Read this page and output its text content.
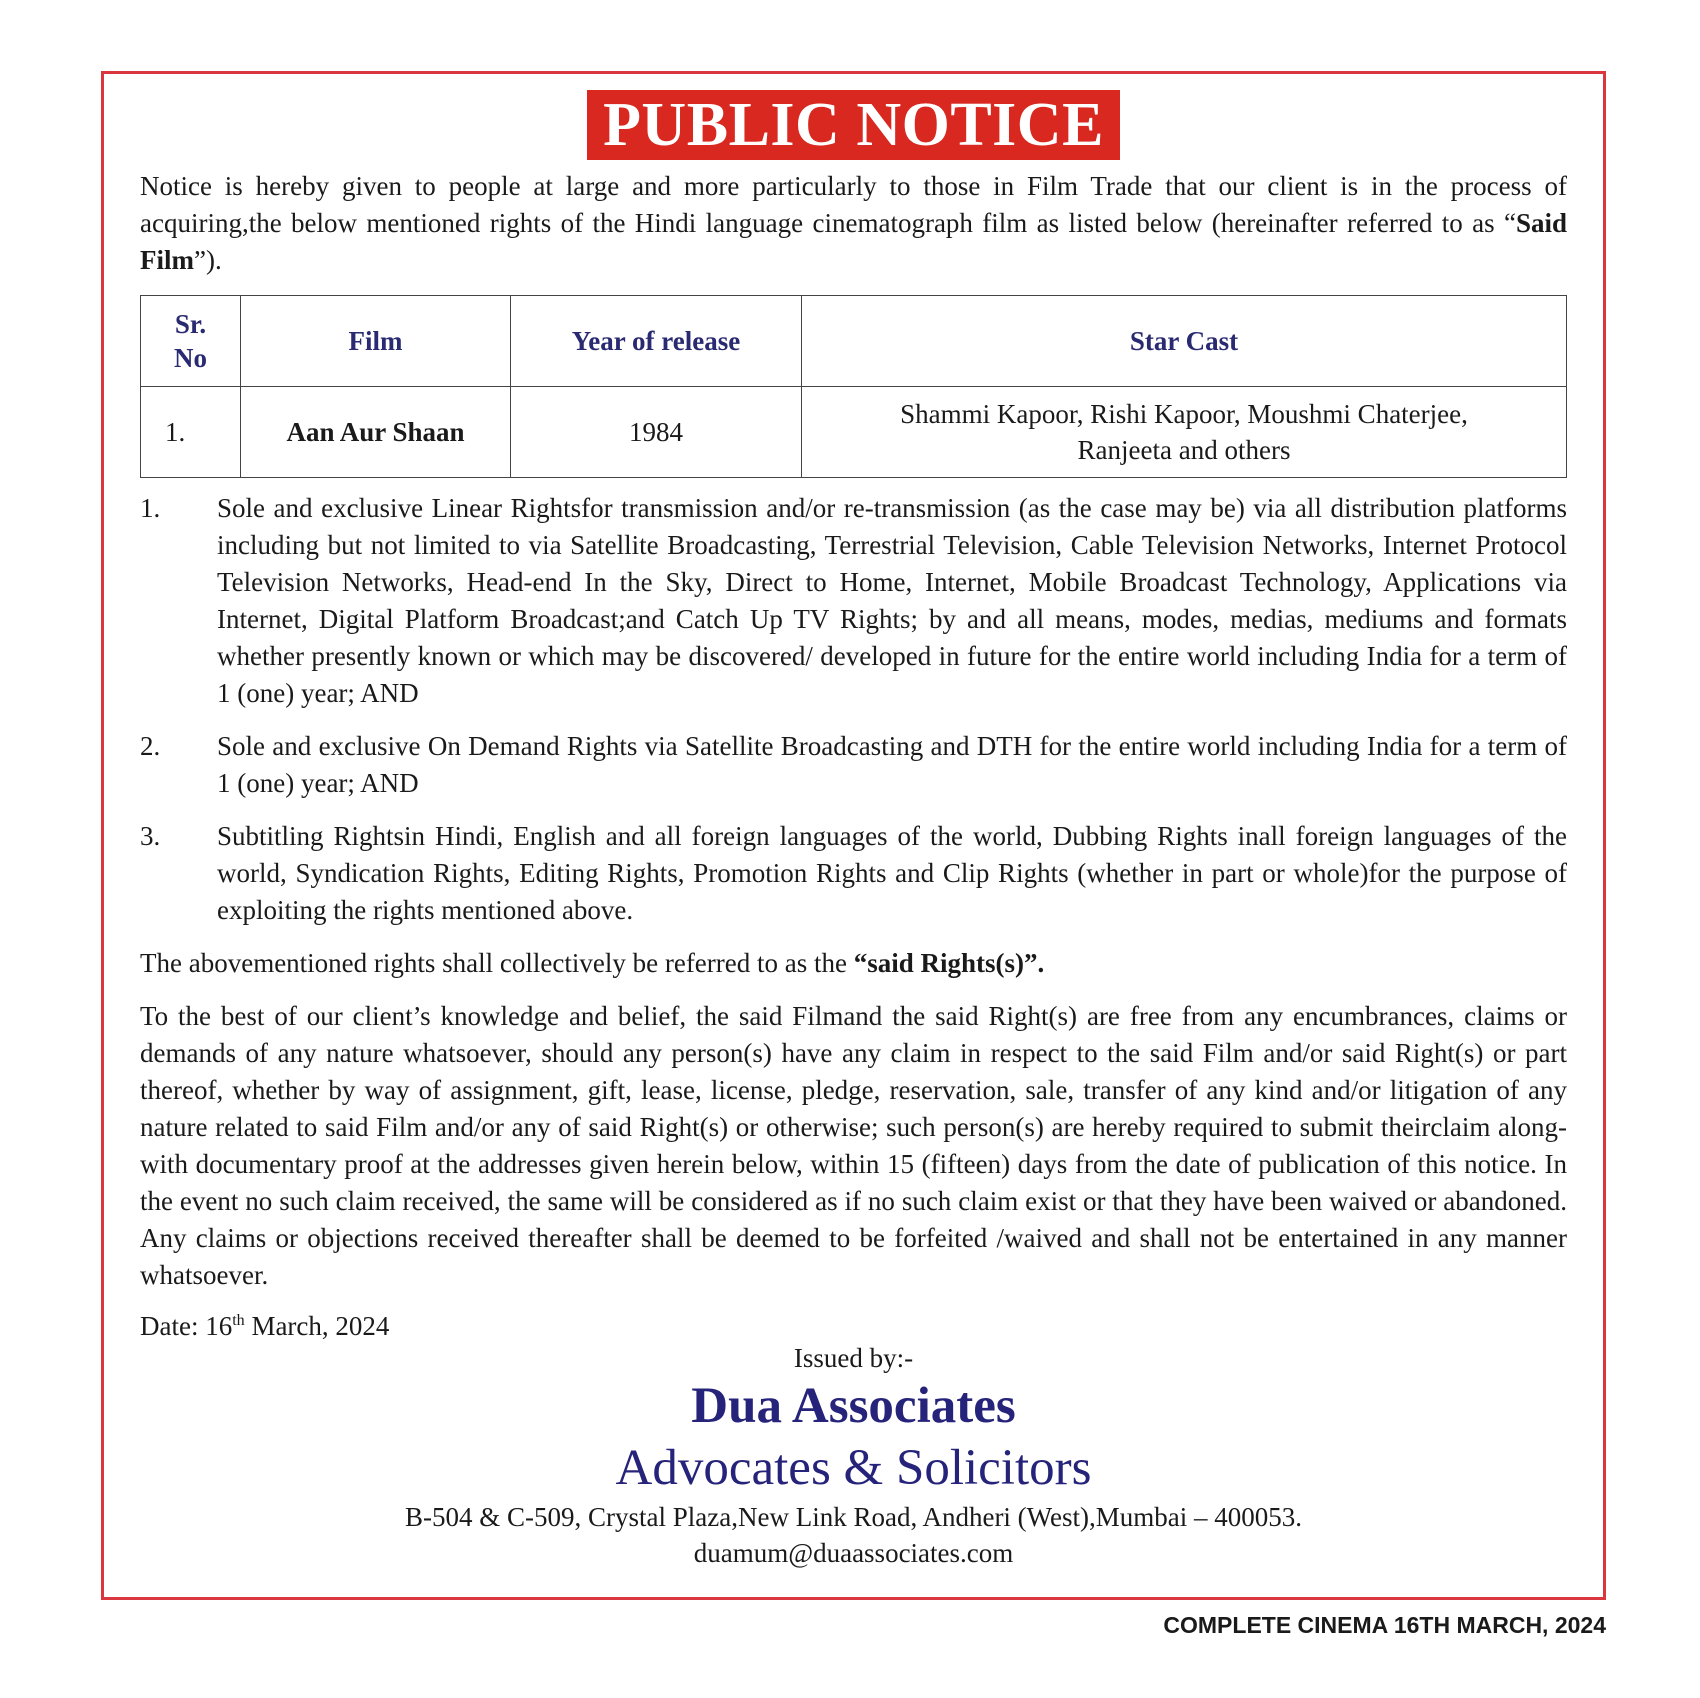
PUBLIC NOTICE

Notice is hereby given to people at large and more particularly to those in Film Trade that our client is in the process of acquiring,the below mentioned rights of the Hindi language cinematograph film as listed below (hereinafter referred to as “Said Film”).

Sr. No	Film	Year of release	Star Cast
1.	Aan Aur Shaan	1984	Shammi Kapoor, Rishi Kapoor, Moushmi Chaterjee, Ranjeeta and others
1.	Sole and exclusive Linear Rightsfor transmission and/or re-transmission (as the case may be) via all distribution platforms including but not limited to via Satellite Broadcasting, Terrestrial Television, Cable Television Networks, Internet Protocol Television Networks, Head-end In the Sky, Direct to Home, Internet, Mobile Broadcast Technology, Applications via Internet, Digital Platform Broadcast;and Catch Up TV Rights; by and all means, modes, medias, mediums and formats whether presently known or which may be discovered/ developed in future for the entire world including India for a term of 1 (one) year; AND
2.	Sole and exclusive On Demand Rights via Satellite Broadcasting and DTH for the entire world including India for a term of 1 (one) year; AND
3.	Subtitling Rightsin Hindi, English and all foreign languages of the world, Dubbing Rights inall foreign languages of the world, Syndication Rights, Editing Rights, Promotion Rights and Clip Rights (whether in part or whole)for the purpose of exploiting the rights mentioned above.

The abovementioned rights shall collectively be referred to as the “said Rights(s)”.

To the best of our client’s knowledge and belief, the said Filmand the said Right(s) are free from any encumbrances, claims or demands of any nature whatsoever, should any person(s) have any claim in respect to the said Film and/or said Right(s) or part thereof, whether by way of assignment, gift, lease, license, pledge, reservation, sale, transfer of any kind and/or litigation of any nature related to said Film and/or any of said Right(s) or otherwise; such person(s) are hereby required to submit theirclaim along-with documentary proof at the addresses given herein below, within 15 (fifteen) days from the date of publication of this notice. In the event no such claim received, the same will be considered as if no such claim exist or that they have been waived or abandoned. Any claims or objections received thereafter shall be deemed to be forfeited /waived and shall not be entertained in any manner whatsoever.

Date: 16th March, 2024

Issued by:-
Dua Associates
Advocates & Solicitors
B-504 & C-509, Crystal Plaza,New Link Road, Andheri (West),Mumbai – 400053.
duamum@duaassociates.com
COMPLETE CINEMA 16TH MARCH, 2024
